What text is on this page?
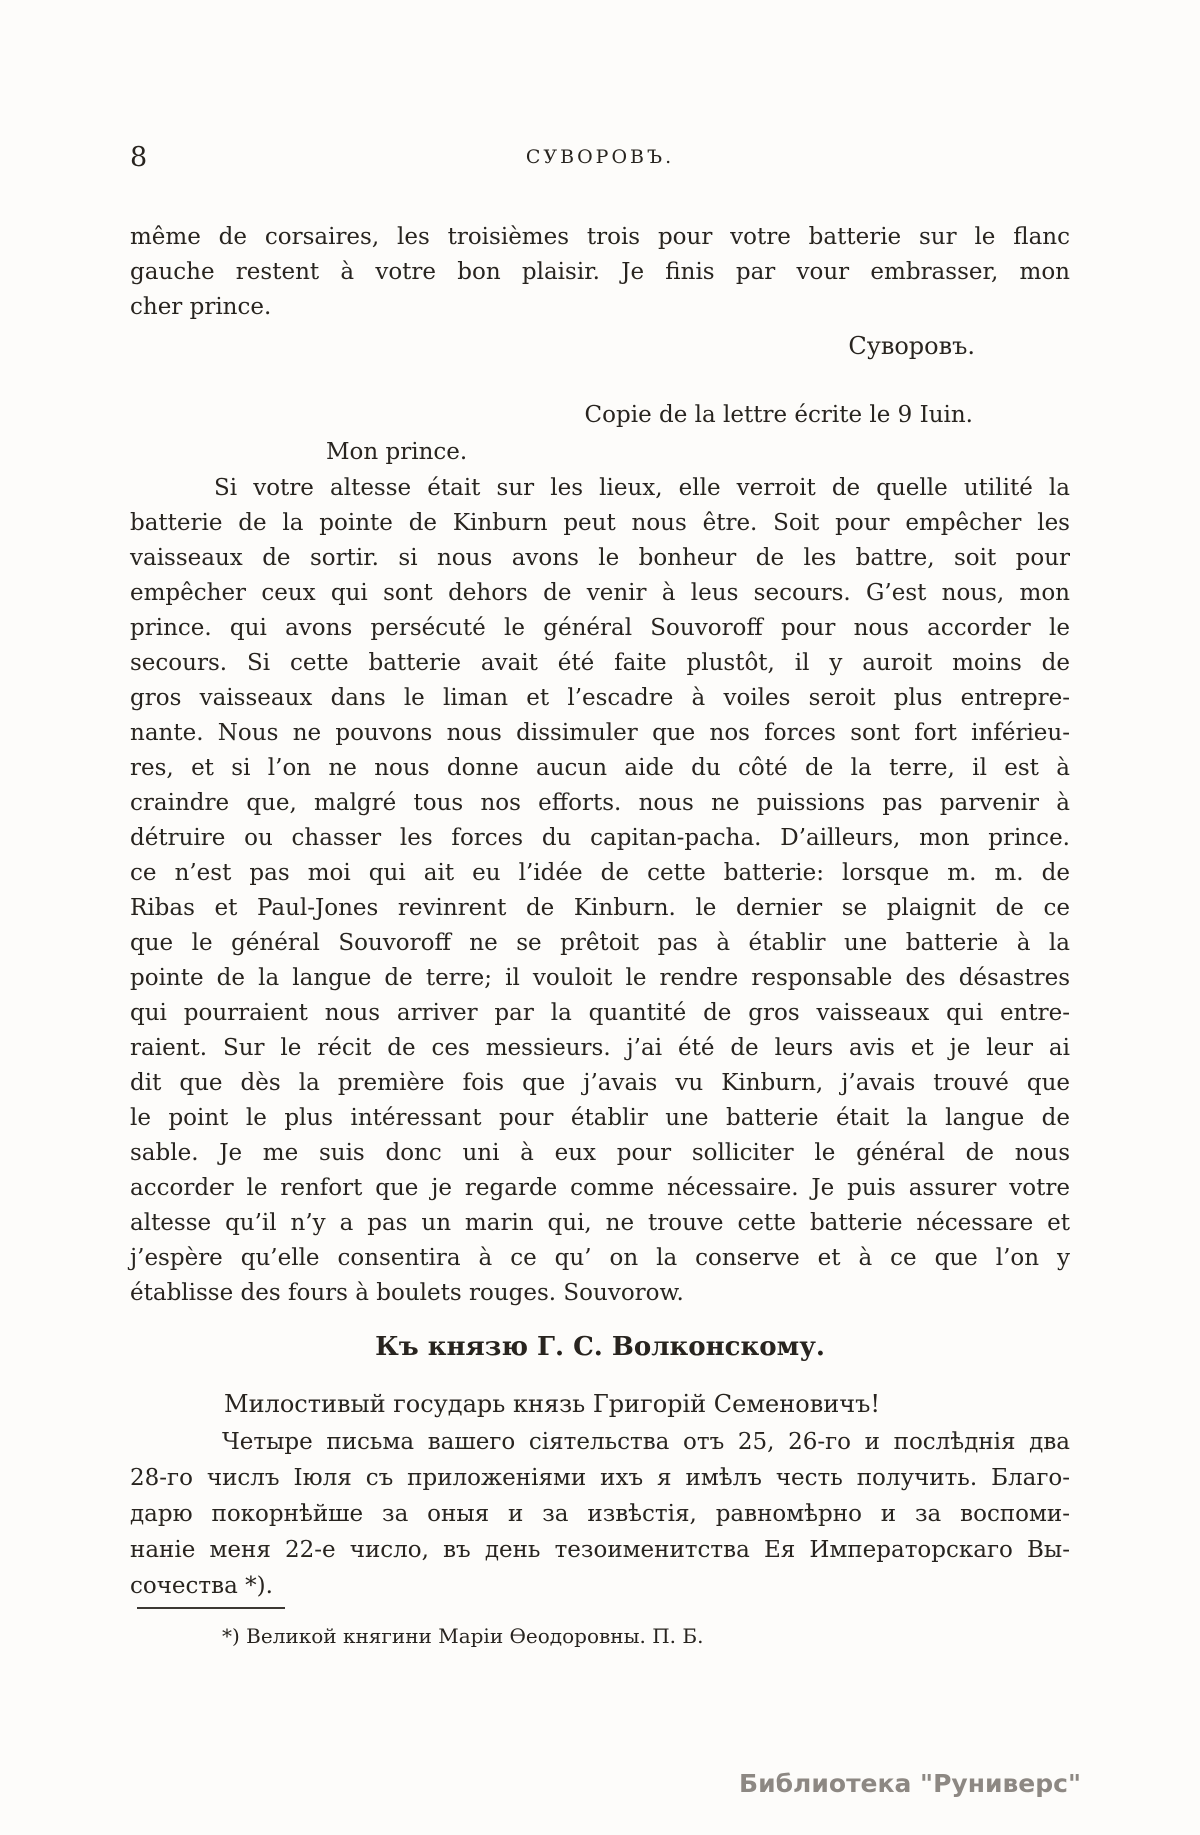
8	СУВОРОВЪ.
même de corsaires, les troisièmes trois pour votre batterie sur le flanc
gauche restent à votre bon plaisir. Je finis par vour embrasser, mon
cher prince.
Суворовъ.
Copie de la lettre écrite le 9 Iuin.
Mon prince.
Si votre altesse était sur les lieux, elle verroit de quelle utilité la
batterie de la pointe de Kinburn peut nous être. Soit pour empêcher les
vaisseaux de sortir. si nous avons le bonheur de les battre, soit pour
empêcher ceux qui sont dehors de venir à leus secours. G’est nous, mon
prince. qui avons persécuté le général Souvoroff pour nous accorder le
secours. Si cette batterie avait été faite plustôt, il y auroit moins de
gros vaisseaux dans le liman et l’escadre à voiles seroit plus entrepre-
nante. Nous ne pouvons nous dissimuler que nos forces sont fort inférieu-
res, et si l’on ne nous donne aucun aide du côté de la terre, il est à
craindre que, malgré tous nos efforts. nous ne puissions pas parvenir à
détruire ou chasser les forces du capitan-pacha. D’ailleurs, mon prince.
ce n’est pas moi qui ait eu l’idée de cette batterie: lorsque m. m. de
Ribas et Paul-Jones revinrent de Kinburn. le dernier se plaignit de ce
que le général Souvoroff ne se prêtoit pas à établir une batterie à la
pointe de la langue de terre; il vouloit le rendre responsable des désastres
qui pourraient nous arriver par la quantité de gros vaisseaux qui entre-
raient. Sur le récit de ces messieurs. j’ai été de leurs avis et je leur ai
dit que dès la première fois que j’avais vu Kinburn, j’avais trouvé que
le point le plus intéressant pour établir une batterie était la langue de
sable. Je me suis donc uni à eux pour solliciter le général de nous
accorder le renfort que je regarde comme nécessaire. Je puis assurer votre
altesse qu’il n’y a pas un marin qui, ne trouve cette batterie nécessare et
j’espère qu’elle consentira à ce qu’ on la conserve et à ce que l’on y
établisse des fours à boulets rouges. Souvorow.
Къ князю Г. С. Волконскому.
Милостивый государь князь Григорій Семеновичъ!
Четыре письма вашего сіятельства отъ 25, 26-го и послѣднія два
28-го числъ Іюля съ приложеніями ихъ я имѣлъ честь получить. Благо-
дарю покорнѣйше за оныя и за извѣстія, равномѣрно и за воспоми-
наніе меня 22-е число, въ день тезоименитства Ея Императорскаго Вы-
сочества *).
*) Великой княгини Маріи Ѳеодоровны. П. Б.
Библиотека "Руниверс"
